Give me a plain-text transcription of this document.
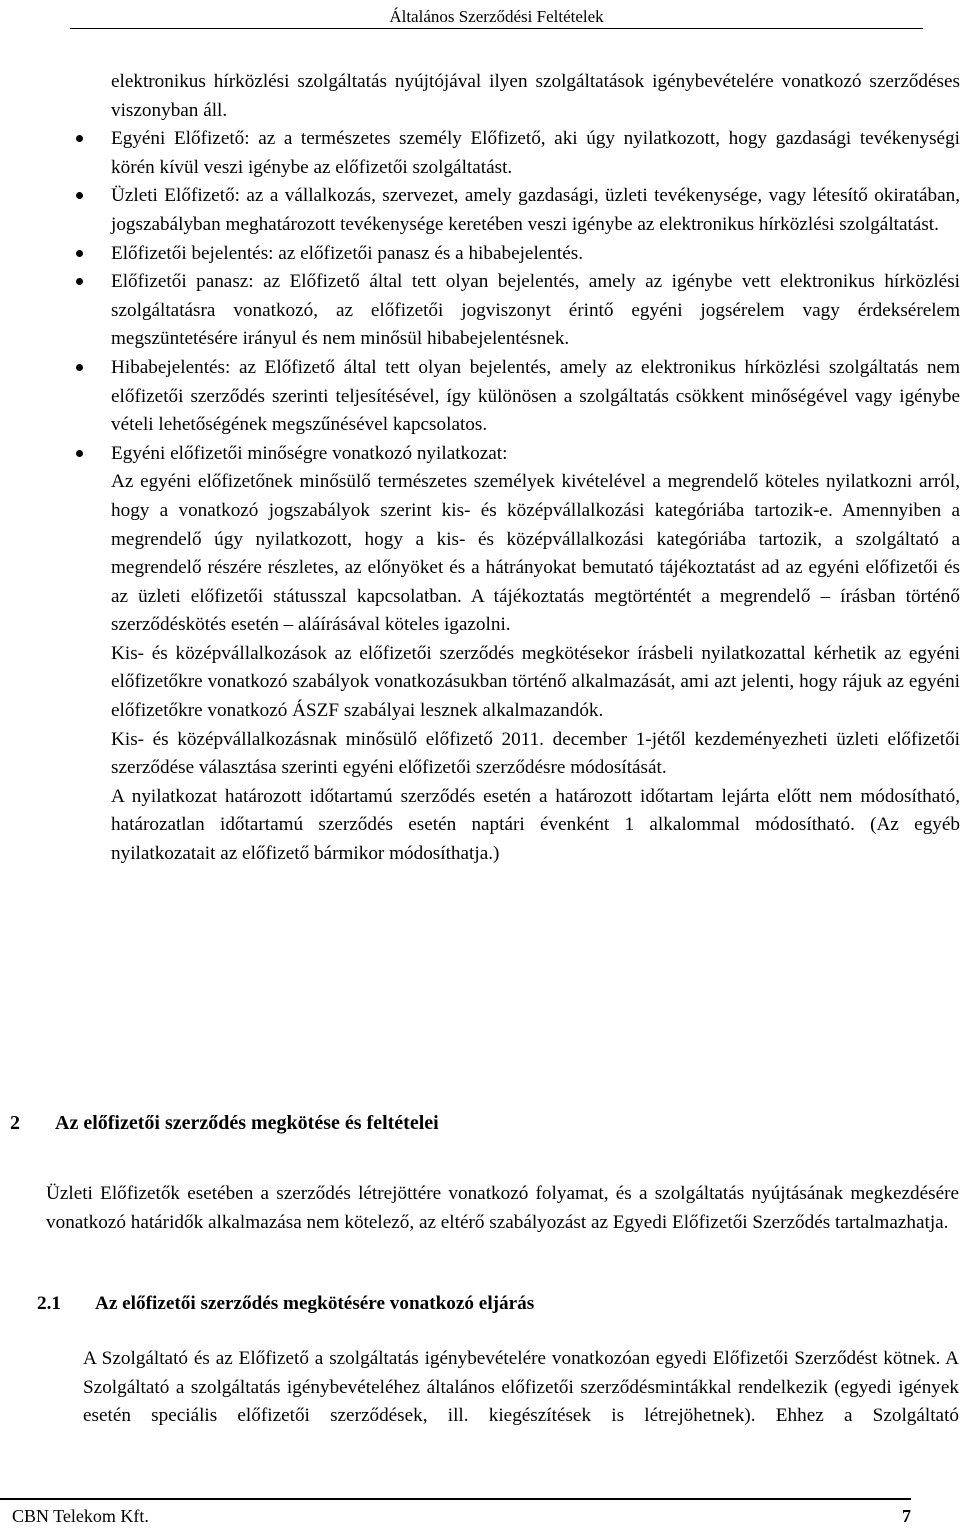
Általános Szerződési Feltételek

elektronikus hírközlési szolgáltatás nyújtójával ilyen szolgáltatások igénybevételére vonatkozó szerződéses viszonyban áll.

Egyéni Előfizető: az a természetes személy Előfizető, aki úgy nyilatkozott, hogy gazdasági tevékenységi körén kívül veszi igénybe az előfizetői szolgáltatást.

Üzleti Előfizető: az a vállalkozás, szervezet, amely gazdasági, üzleti tevékenysége, vagy létesítő okiratában, jogszabályban meghatározott tevékenysége keretében veszi igénybe az elektronikus hírközlési szolgáltatást.

Előfizetői bejelentés: az előfizetői panasz és a hibabejelentés.

Előfizetői panasz: az Előfizető által tett olyan bejelentés, amely az igénybe vett elektronikus hírközlési szolgáltatásra vonatkozó, az előfizetői jogviszonyt érintő egyéni jogsérelem vagy érdeksérelem megszüntetésére irányul és nem minősül hibabejelentésnek.

Hibabejelentés: az Előfizető által tett olyan bejelentés, amely az elektronikus hírközlési szolgáltatás nem előfizetői szerződés szerinti teljesítésével, így különösen a szolgáltatás csökkent minőségével vagy igénybe vételi lehetőségének megszűnésével kapcsolatos.

Egyéni előfizetői minőségre vonatkozó nyilatkozat:

Az egyéni előfizetőnek minősülő természetes személyek kivételével a megrendelő köteles nyilatkozni arról, hogy a vonatkozó jogszabályok szerint kis- és középvállalkozási kategóriába tartozik-e. Amennyiben a megrendelő úgy nyilatkozott, hogy a kis- és középvállalkozási kategóriába tartozik, a szolgáltató a megrendelő részére részletes, az előnyöket és a hátrányokat bemutató tájékoztatást ad az egyéni előfizetői és az üzleti előfizetői státusszal kapcsolatban. A tájékoztatás megtörténtét a megrendelő – írásban történő szerződéskötés esetén – aláírásával köteles igazolni.

Kis- és középvállalkozások az előfizetői szerződés megkötésekor írásbeli nyilatkozattal kérhetik az egyéni előfizetőkre vonatkozó szabályok vonatkozásukban történő alkalmazását, ami azt jelenti, hogy rájuk az egyéni előfizetőkre vonatkozó ÁSZF szabályai lesznek alkalmazandók.

Kis- és középvállalkozásnak minősülő előfizető 2011. december 1-jétől kezdeményezheti üzleti előfizetői szerződése választása szerinti egyéni előfizetői szerződésre módosítását.

A nyilatkozat határozott időtartamú szerződés esetén a határozott időtartam lejárta előtt nem módosítható, határozatlan időtartamú szerződés esetén naptári évenként 1 alkalommal módosítható. (Az egyéb nyilatkozatait az előfizető bármikor módosíthatja.)

2 Az előfizetői szerződés megkötése és feltételei

Üzleti Előfizetők esetében a szerződés létrejöttére vonatkozó folyamat, és a szolgáltatás nyújtásának megkezdésére vonatkozó határidők alkalmazása nem kötelező, az eltérő szabályozást az Egyedi Előfizetői Szerződés tartalmazhatja.

2.1 Az előfizetői szerződés megkötésére vonatkozó eljárás

A Szolgáltató és az Előfizető a szolgáltatás igénybevételére vonatkozóan egyedi Előfizetői Szerződést kötnek. A Szolgáltató a szolgáltatás igénybevételéhez általános előfizetői szerződésmintákkal rendelkezik (egyedi igények esetén speciális előfizetői szerződések, ill. kiegészítések is létrejöhetnek). Ehhez a Szolgáltató

CBN Telekom Kft.	7
